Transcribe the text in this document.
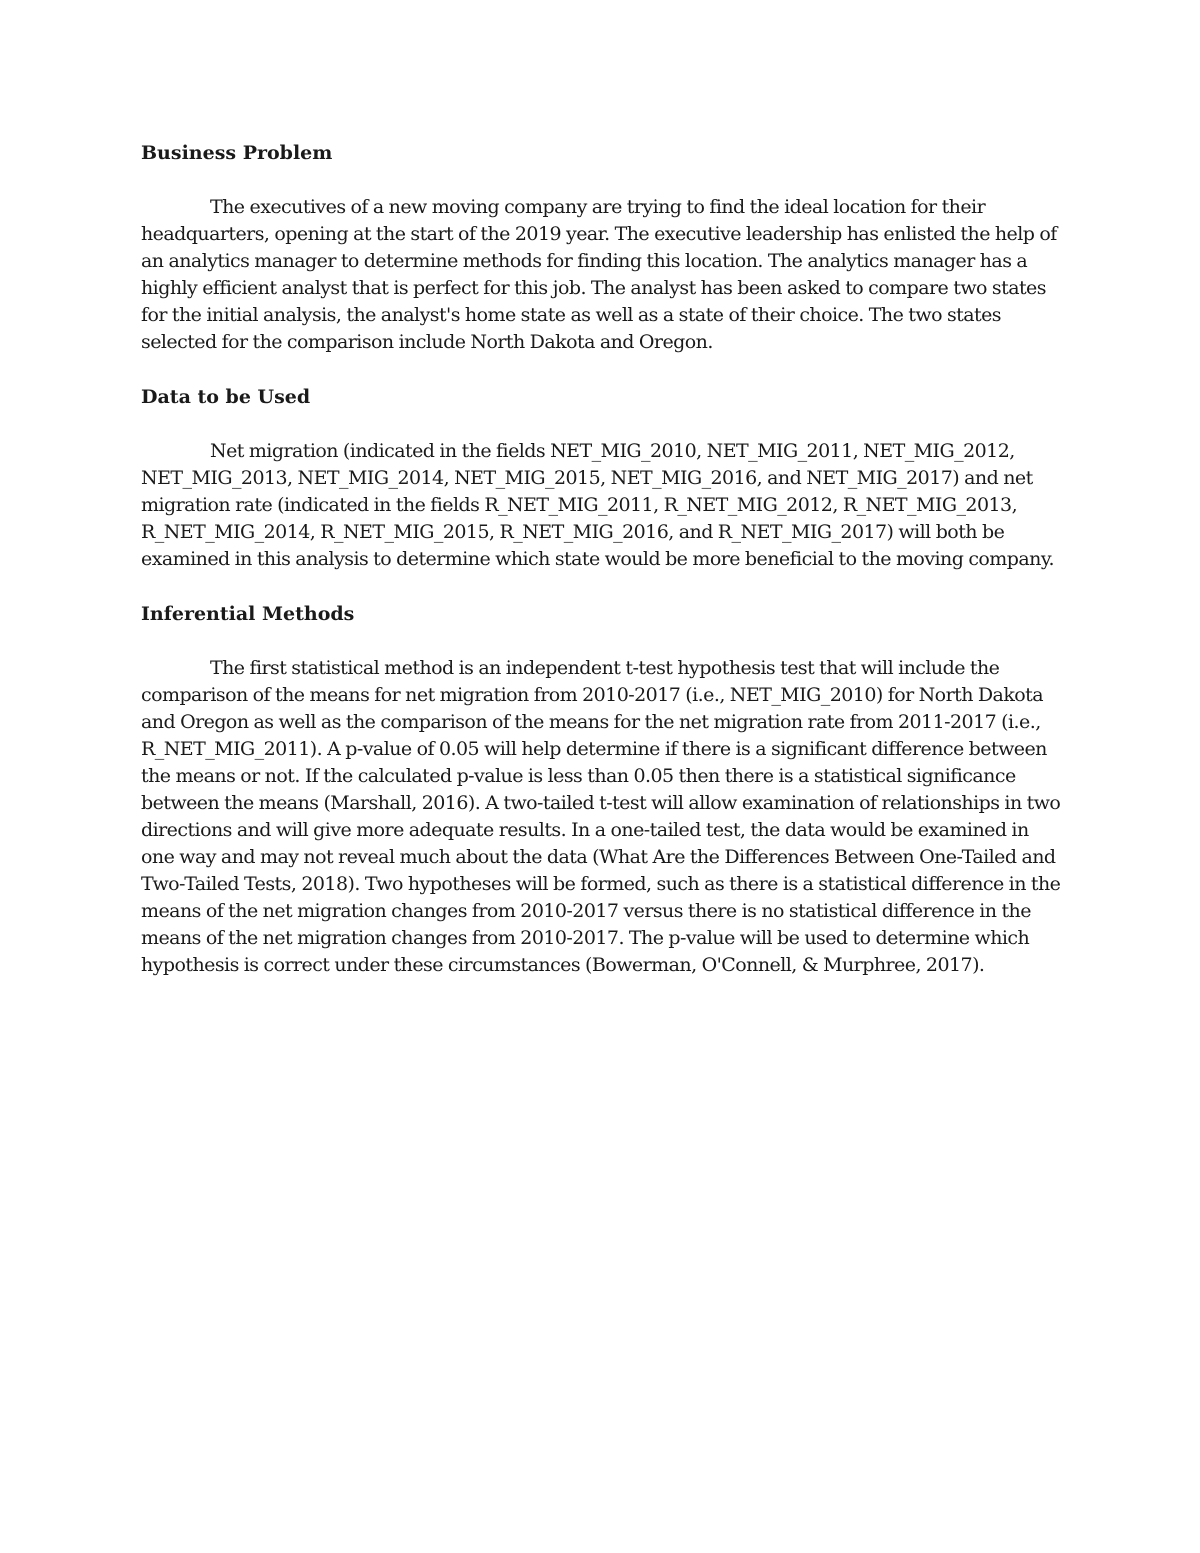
Business Problem

The executives of a new moving company are trying to find the ideal location for their headquarters, opening at the start of the 2019 year. The executive leadership has enlisted the help of an analytics manager to determine methods for finding this location. The analytics manager has a highly efficient analyst that is perfect for this job. The analyst has been asked to compare two states for the initial analysis, the analyst's home state as well as a state of their choice. The two states selected for the comparison include North Dakota and Oregon.

Data to be Used

Net migration (indicated in the fields NET_MIG_2010, NET_MIG_2011, NET_MIG_2012, NET_MIG_2013, NET_MIG_2014, NET_MIG_2015, NET_MIG_2016, and NET_MIG_2017) and net migration rate (indicated in the fields R_NET_MIG_2011, R_NET_MIG_2012, R_NET_MIG_2013, R_NET_MIG_2014, R_NET_MIG_2015, R_NET_MIG_2016, and R_NET_MIG_2017) will both be examined in this analysis to determine which state would be more beneficial to the moving company.

Inferential Methods

The first statistical method is an independent t-test hypothesis test that will include the comparison of the means for net migration from 2010-2017 (i.e., NET_MIG_2010) for North Dakota and Oregon as well as the comparison of the means for the net migration rate from 2011-2017 (i.e., R_NET_MIG_2011). A p-value of 0.05 will help determine if there is a significant difference between the means or not. If the calculated p-value is less than 0.05 then there is a statistical significance between the means (Marshall, 2016). A two-tailed t-test will allow examination of relationships in two directions and will give more adequate results. In a one-tailed test, the data would be examined in one way and may not reveal much about the data (What Are the Differences Between One-Tailed and Two-Tailed Tests, 2018). Two hypotheses will be formed, such as there is a statistical difference in the means of the net migration changes from 2010-2017 versus there is no statistical difference in the means of the net migration changes from 2010-2017. The p-value will be used to determine which hypothesis is correct under these circumstances (Bowerman, O'Connell, & Murphree, 2017).
